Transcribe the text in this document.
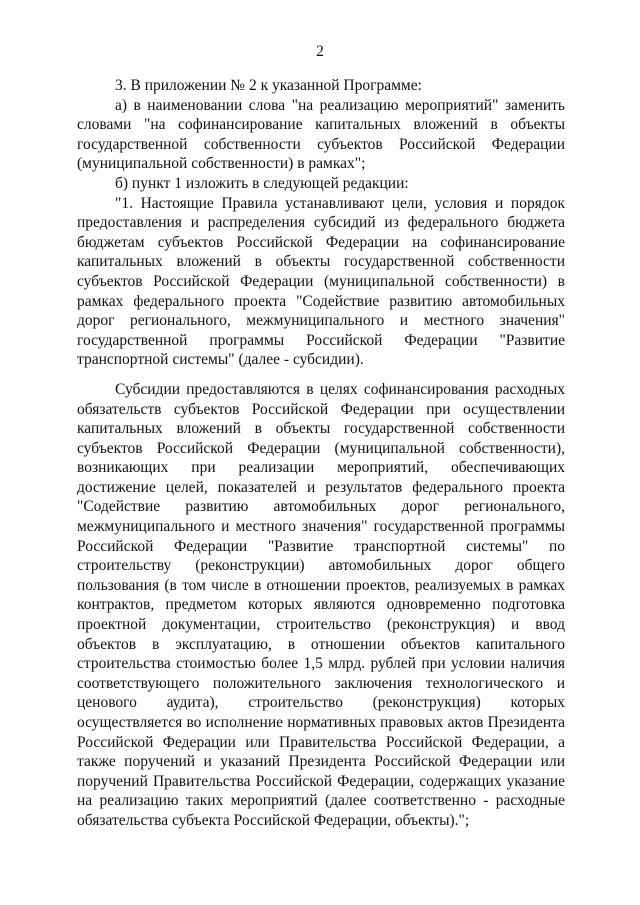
2

3. В приложении № 2 к указанной Программе:

а) в наименовании слова "на реализацию мероприятий" заменить словами "на софинансирование капитальных вложений в объекты государственной собственности субъектов Российской Федерации (муниципальной собственности) в рамках";

б) пункт 1 изложить в следующей редакции:

"1. Настоящие Правила устанавливают цели, условия и порядок предоставления и распределения субсидий из федерального бюджета бюджетам субъектов Российской Федерации на софинансирование капитальных вложений в объекты государственной собственности субъектов Российской Федерации (муниципальной собственности) в рамках федерального проекта "Содействие развитию автомобильных дорог регионального, межмуниципального и местного значения" государственной программы Российской Федерации "Развитие транспортной системы" (далее - субсидии).

Субсидии предоставляются в целях софинансирования расходных обязательств субъектов Российской Федерации при осуществлении капитальных вложений в объекты государственной собственности субъектов Российской Федерации (муниципальной собственности), возникающих при реализации мероприятий, обеспечивающих достижение целей, показателей и результатов федерального проекта "Содействие развитию автомобильных дорог регионального, межмуниципального и местного значения" государственной программы Российской Федерации "Развитие транспортной системы" по строительству (реконструкции) автомобильных дорог общего пользования (в том числе в отношении проектов, реализуемых в рамках контрактов, предметом которых являются одновременно подготовка проектной документации, строительство (реконструкция) и ввод объектов в эксплуатацию, в отношении объектов капитального строительства стоимостью более 1,5 млрд. рублей при условии наличия соответствующего положительного заключения технологического и ценового аудита), строительство (реконструкция) которых осуществляется во исполнение нормативных правовых актов Президента Российской Федерации или Правительства Российской Федерации, а также поручений и указаний Президента Российской Федерации или поручений Правительства Российской Федерации, содержащих указание на реализацию таких мероприятий (далее соответственно - расходные обязательства субъекта Российской Федерации, объекты).";
